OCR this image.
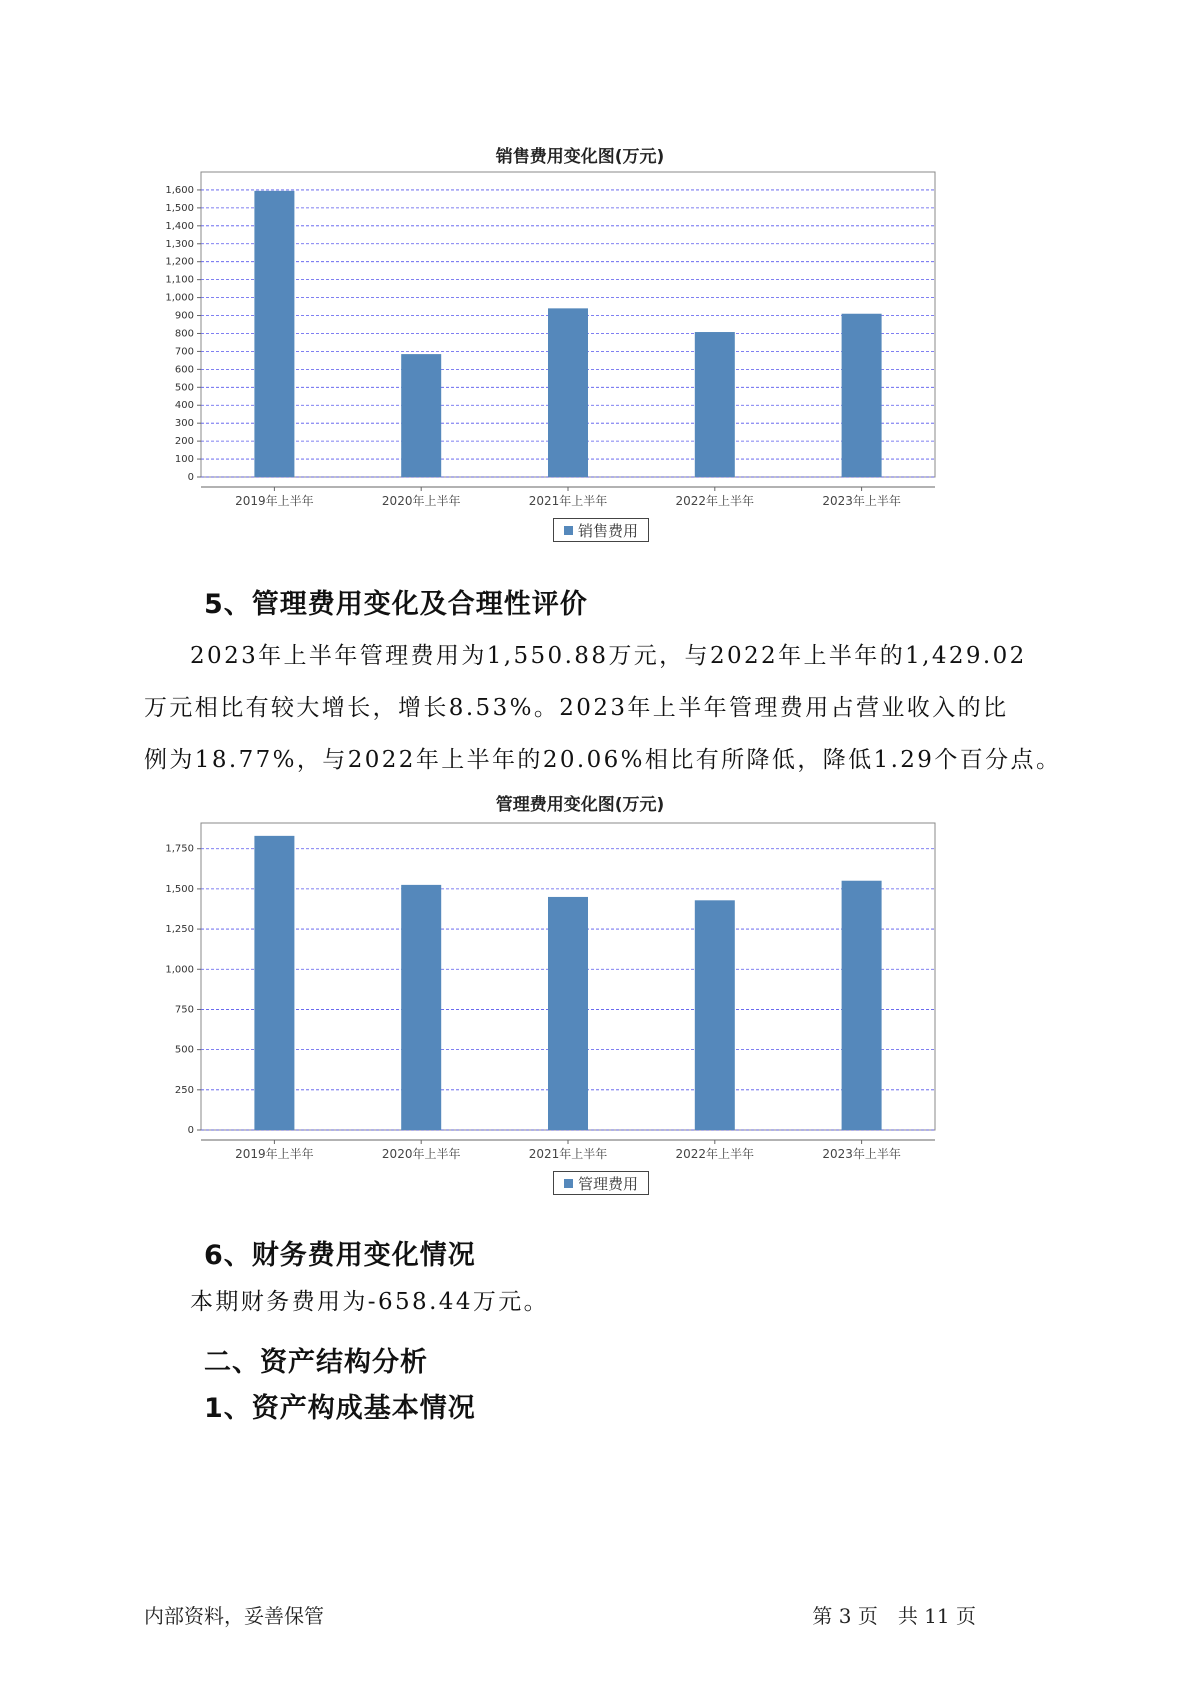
销售费用变化图(万元)
0
100
200
300
400
500
600
700
800
900
1,000
1,100
1,200
1,300
1,400
1,500
1,600
2019年上半年	2020年上半年	2021年上半年	2022年上半年	2023年上半年
销售费用
5、管理费用变化及合理性评价
2023年上半年管理费用为1,550.88万元，与2022年上半年的1,429.02
万元相比有较大增长，增长8.53%。2023年上半年管理费用占营业收入的比
例为18.77%，与2022年上半年的20.06%相比有所降低，降低1.29个百分点。
管理费用变化图(万元)
0
250
500
750
1,000
1,250
1,500
1,750
2019年上半年	2020年上半年	2021年上半年	2022年上半年	2023年上半年
管理费用
6、财务费用变化情况
本期财务费用为-658.44万元。
二、资产结构分析
1、资产构成基本情况
内部资料，妥善保管	第 3 页　共 11 页
